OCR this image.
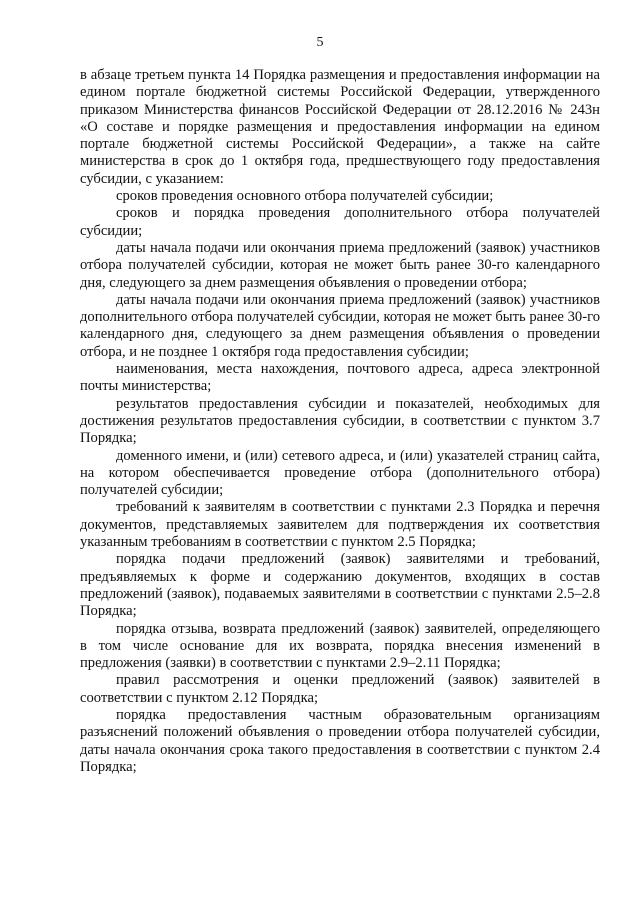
5

в абзаце третьем пункта 14 Порядка размещения и предоставления информации на едином портале бюджетной системы Российской Федерации, утвержденного приказом Министерства финансов Российской Федерации от 28.12.2016 № 243н «О составе и порядке размещения и предоставления информации на едином портале бюджетной системы Российской Федерации», а также на сайте министерства в срок до 1 октября года, предшествующего году предоставления субсидии, с указанием:

сроков проведения основного отбора получателей субсидии;

сроков и порядка проведения дополнительного отбора получателей субсидии;

даты начала подачи или окончания приема предложений (заявок) участников отбора получателей субсидии, которая не может быть ранее 30-го календарного дня, следующего за днем размещения объявления о проведении отбора;

даты начала подачи или окончания приема предложений (заявок) участников дополнительного отбора получателей субсидии, которая не может быть ранее 30-го календарного дня, следующего за днем размещения объявления о проведении отбора, и не позднее 1 октября года предоставления субсидии;

наименования, места нахождения, почтового адреса, адреса электронной почты министерства;

результатов предоставления субсидии и показателей, необходимых для достижения результатов предоставления субсидии, в соответствии с пунктом 3.7 Порядка;

доменного имени, и (или) сетевого адреса, и (или) указателей страниц сайта, на котором обеспечивается проведение отбора (дополнительного отбора) получателей субсидии;

требований к заявителям в соответствии с пунктами 2.3 Порядка и перечня документов, представляемых заявителем для подтверждения их соответствия указанным требованиям в соответствии с пунктом 2.5 Порядка;

порядка подачи предложений (заявок) заявителями и требований, предъявляемых к форме и содержанию документов, входящих в состав предложений (заявок), подаваемых заявителями в соответствии с пунктами 2.5–2.8 Порядка;

порядка отзыва, возврата предложений (заявок) заявителей, определяющего в том числе основание для их возврата, порядка внесения изменений в предложения (заявки) в соответствии с пунктами 2.9–2.11 Порядка;

правил рассмотрения и оценки предложений (заявок) заявителей в соответствии с пунктом 2.12 Порядка;

порядка предоставления частным образовательным организациям разъяснений положений объявления о проведении отбора получателей субсидии, даты начала окончания срока такого предоставления в соответствии с пунктом 2.4 Порядка;
